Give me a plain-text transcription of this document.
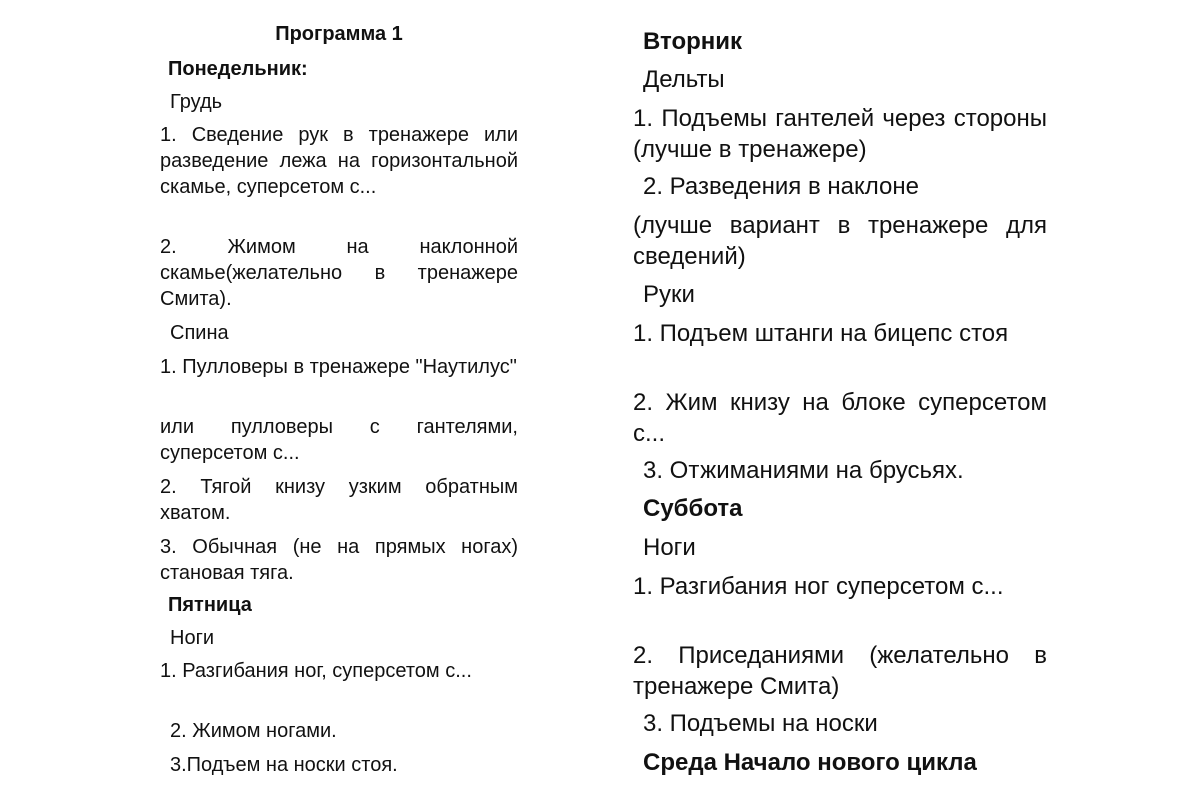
Программа 1

Понедельник:

Грудь

1. Сведение рук в тренажере или разведение лежа на горизонтальной скамье, суперсетом с...

2. Жимом на наклонной скамье(желательно в тренажере Смита).

Спина

1. Пулловеры в тренажере "Наутилус"

или пулловеры с гантелями, суперсетом с...

2. Тягой книзу узким обратным хватом.

3. Обычная (не на прямых ногах) становая тяга.

Пятница

Ноги

1. Разгибания ног, суперсетом с...

2. Жимом ногами.

3.Подъем на носки стоя.

Вторник

Дельты

1. Подъемы гантелей через стороны (лучше в тренажере)

2. Разведения в наклоне

(лучше вариант в тренажере для сведений)

Руки

1. Подъем штанги на бицепс стоя

2. Жим книзу на блоке суперсетом с...

3. Отжиманиями на брусьях.

Суббота

Ноги

1. Разгибания ног суперсетом с...

2. Приседаниями (желательно в тренажере Смита)

3. Подъемы на носки

Среда Начало нового цикла
